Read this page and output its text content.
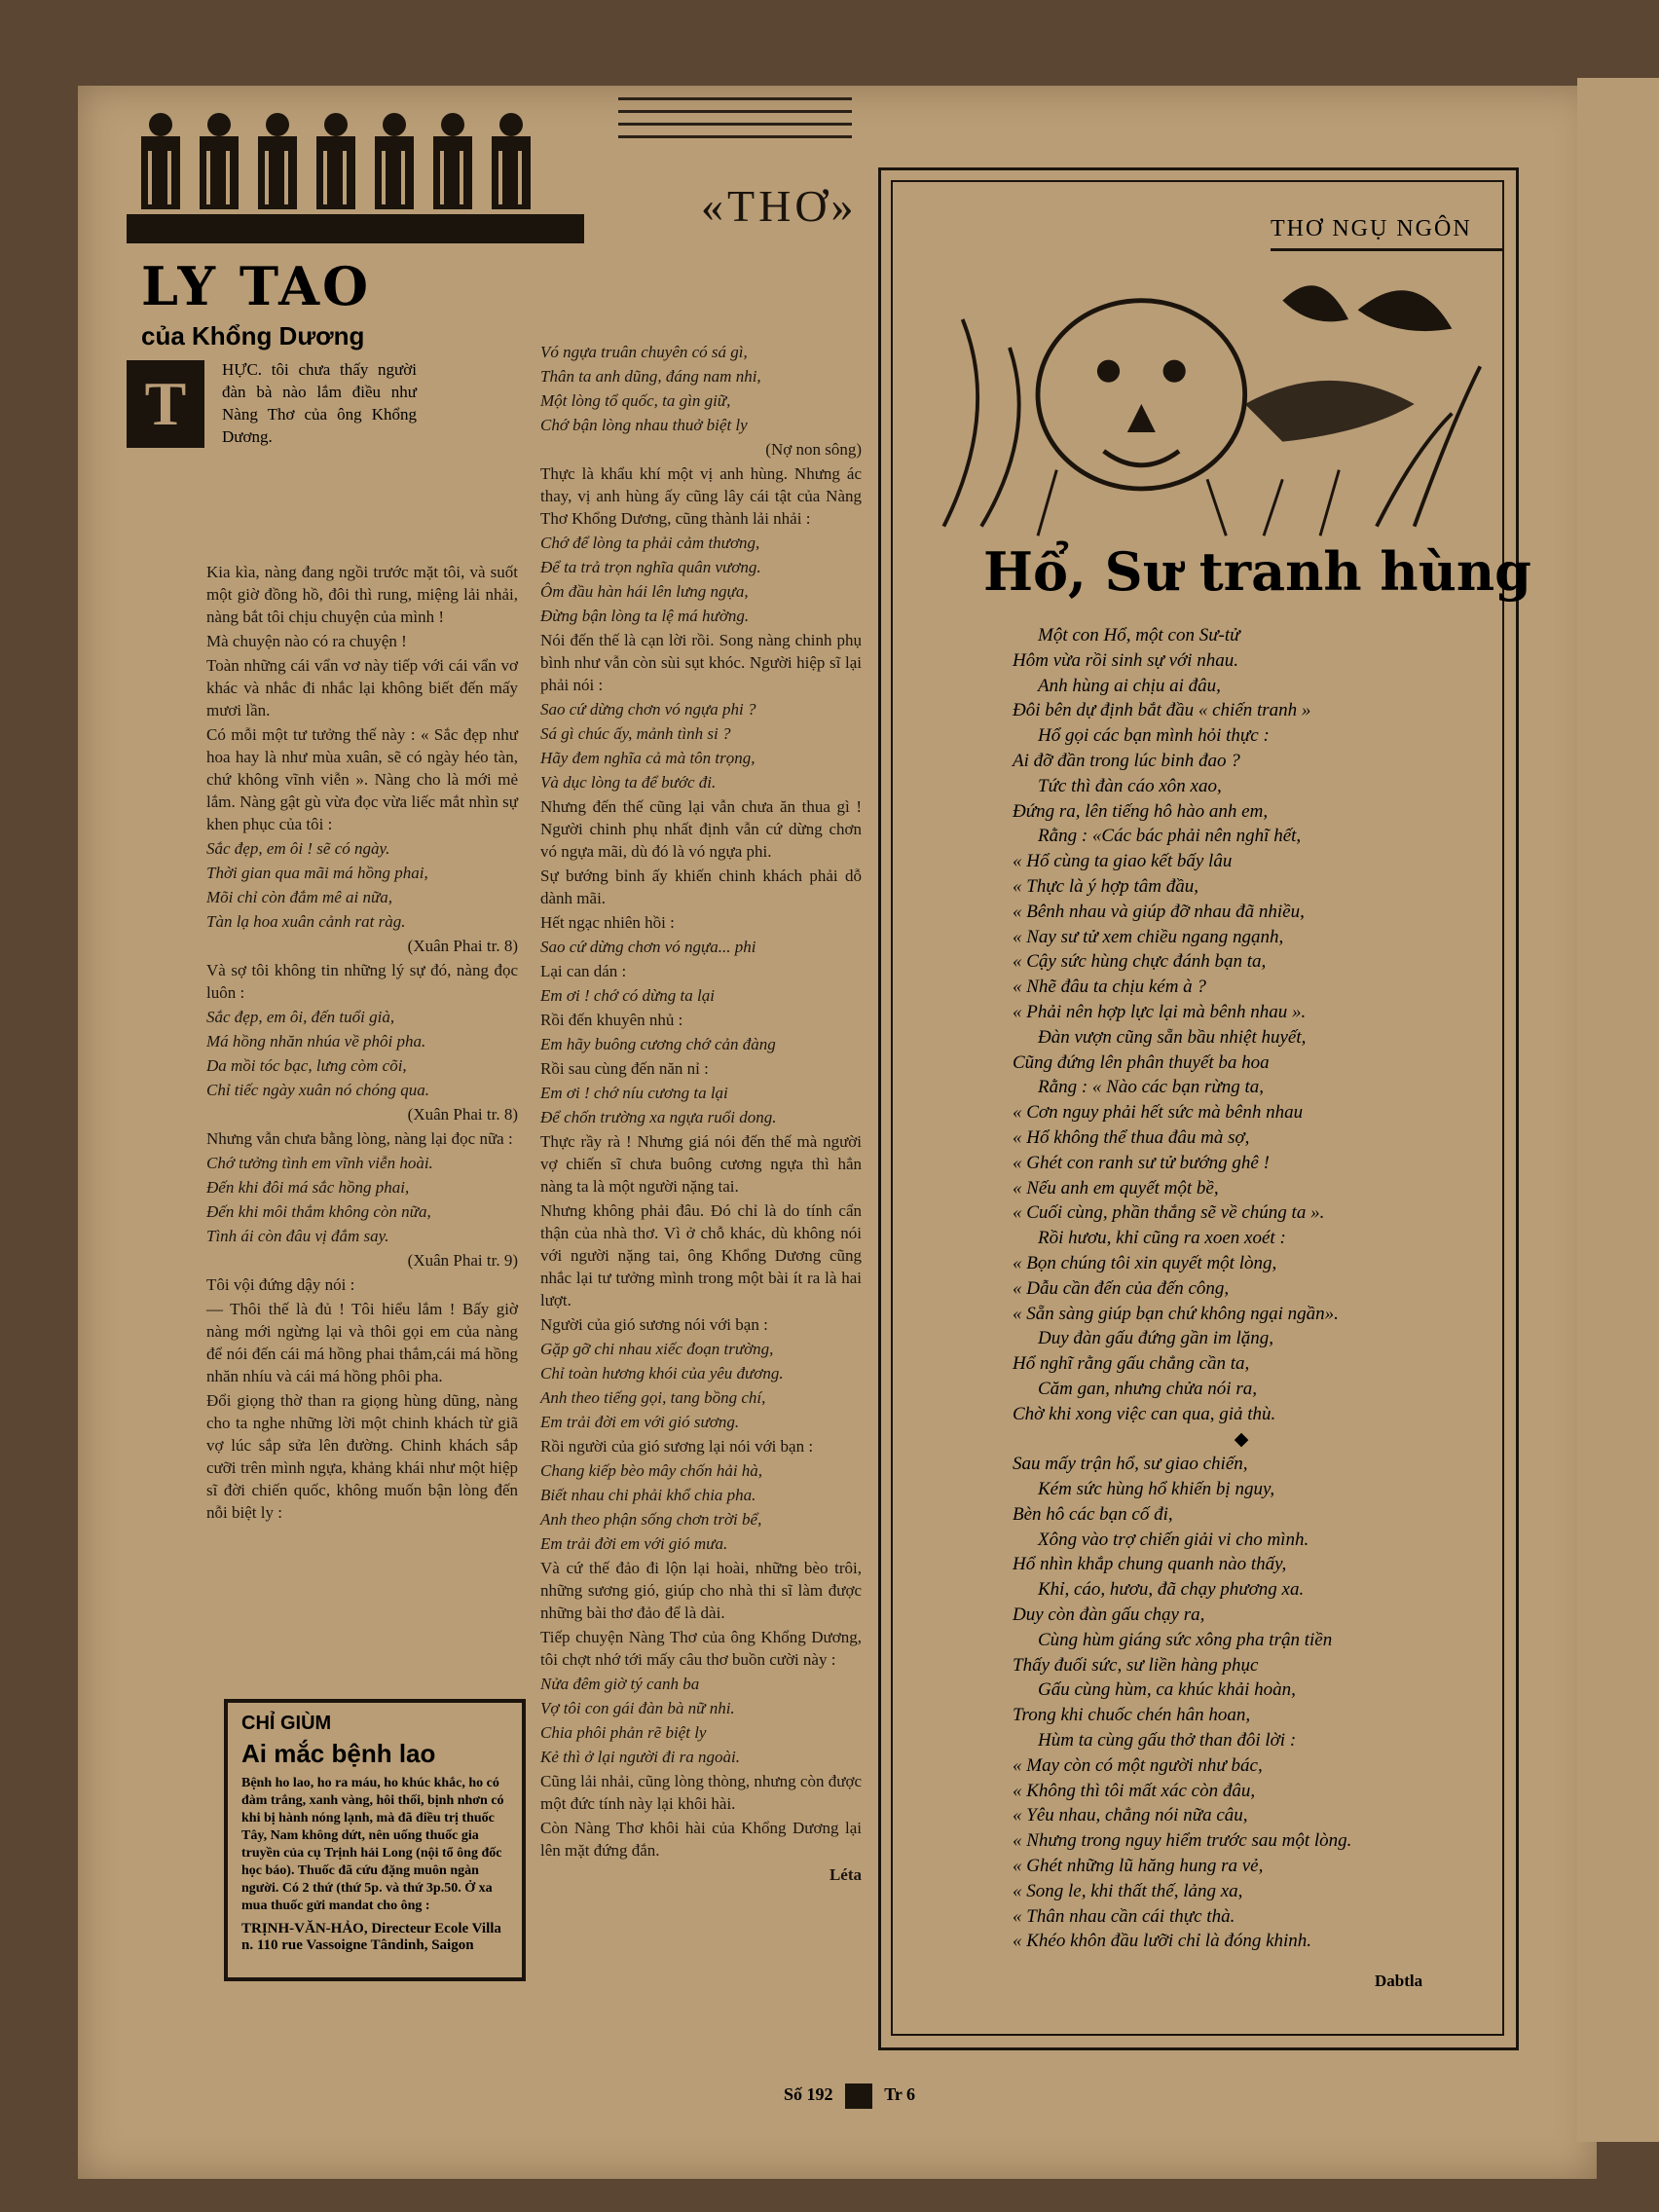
«THƠ»
LY TAO
của Khổng Dương
T	HỰC. tôi chưa thấy người đàn bà nào lắm điều như Nàng Thơ của ông Khổng Dương.

Kia kìa, nàng đang ngồi trước mặt tôi, và suốt một giờ đồng hồ, đôi thì rung, miệng lải nhải, nàng bắt tôi chịu chuyện của mình !

Mà chuyện nào có ra chuyện !

Toàn những cái vẩn vơ này tiếp với cái vẩn vơ khác và nhắc đi nhắc lại không biết đến mấy mươi lần.

Có mỗi một tư tưởng thế này : « Sắc đẹp như hoa hay là như mùa xuân, sẽ có ngày héo tàn, chứ không vĩnh viễn ». Nàng cho là mới mẻ lắm. Nàng gật gù vừa đọc vừa liếc mắt nhìn sự khen phục của tôi :

Sắc đẹp, em ôi ! sẽ có ngày.

Thời gian qua mãi má hồng phai,

Mõi chỉ còn đắm mê ai nữa,

Tàn lạ hoa xuân cảnh rat ràg.

(Xuân Phai tr. 8)

Và sợ tôi không tin những lý sự đó, nàng đọc luôn :

Sắc đẹp, em ôi, đến tuổi già,

Má hồng nhăn nhúa về phôi pha.

Da mồi tóc bạc, lưng còm cõi,

Chỉ tiếc ngày xuân nó chóng qua.

(Xuân Phai tr. 8)

Nhưng vẫn chưa bằng lòng, nàng lại đọc nữa :

Chớ tưởng tình em vĩnh viễn hoài.

Đến khi đôi má sắc hồng phai,

Đến khi môi thắm không còn nữa,

Tình ái còn đâu vị đắm say.

(Xuân Phai tr. 9)

Tôi vội đứng dậy nói :

— Thôi thế là đủ ! Tôi hiểu lắm ! Bấy giờ nàng mới ngừng lại và thôi gọi em của nàng để nói đến cái má hồng phai thắm,cái má hồng nhăn nhíu và cái má hồng phôi pha.

Đổi giọng thờ than ra giọng hùng dũng, nàng cho ta nghe những lời một chinh khách từ giã vợ lúc sắp sửa lên đường. Chinh khách sắp cưỡi trên mình ngựa, khảng khái như một hiệp sĩ đời chiến quốc, không muốn bận lòng đến nỗi biệt ly :

CHỈ GIÙM
Ai mắc bệnh lao
Bệnh ho lao, ho ra máu, ho khúc khắc, ho có đàm trắng, xanh vàng, hôi thối, bịnh nhơn có khi bị hành nóng lạnh, mà đã điều trị thuốc Tây, Nam không dứt, nên uống thuốc gia truyền của cụ Trịnh hải Long (nội tổ ông đốc học báo). Thuốc đã cứu đặng muôn ngàn người. Có 2 thứ (thứ 5p. và thứ 3p.50. Ở xa mua thuốc gửi mandat cho ông :
TRỊNH-VĂN-HẢO, Directeur Ecole Villa n. 110 rue Vassoigne Tândinh, Saigon

Vó ngựa truân chuyên có sá gì,

Thân ta anh dũng, đáng nam nhi,

Một lòng tổ quốc, ta gìn giữ,

Chớ bận lòng nhau thuở biệt ly

(Nợ non sông)

Thực là khẩu khí một vị anh hùng. Nhưng ác thay, vị anh hùng ấy cũng lây cái tật của Nàng Thơ Khổng Dương, cũng thành lải nhải :

Chớ để lòng ta phải cảm thương,

Để ta trả trọn nghĩa quân vương.

Ôm đầu hàn hái lên lưng ngựa,

Đừng bận lòng ta lệ má hường.

Nói đến thế là cạn lời rồi. Song nàng chinh phụ bình như vẫn còn sùi sụt khóc. Người hiệp sĩ lại phải nói :

Sao cứ dừng chơn vó ngựa phi ?

Sá gì chúc ấy, mảnh tình si ?

Hãy đem nghĩa cả mà tôn trọng,

Và dục lòng ta để bước đi.

Nhưng đến thế cũng lại vẫn chưa ăn thua gì ! Người chinh phụ nhất định vẫn cứ dừng chơn vó ngựa mãi, dù đó là vó ngựa phi.

Sự bướng bỉnh ấy khiến chinh khách phải dỗ dành mãi.

Hết ngạc nhiên hồi :

Sao cứ dừng chơn vó ngựa... phi

Lại can dán :

Em ơi ! chớ có dừng ta lại

Rồi đến khuyên nhủ :

Em hãy buông cương chớ cản đàng

Rồi sau cùng đến năn nỉ :

Em ơi ! chớ níu cương ta lại

Để chốn trường xa ngựa ruổi dong.

Thực rầy rà ! Nhưng giá nói đến thế mà người vợ chiến sĩ chưa buông cương ngựa thì hẳn nàng ta là một người nặng tai.

Nhưng không phải đâu. Đó chỉ là do tính cẩn thận của nhà thơ. Vì ở chỗ khác, dù không nói với người nặng tai, ông Khổng Dương cũng nhắc lại tư tưởng mình trong một bài ít ra là hai lượt.

Người của gió sương nói với bạn :

Gặp gỡ chi nhau xiếc đoạn trường,

Chỉ toàn hương khói của yêu đương.

Anh theo tiếng gọi, tang bồng chí,

Em trải đời em với gió sương.

Rồi người của gió sương lại nói với bạn :

Chang kiếp bèo mây chốn hải hà,

Biết nhau chi phải khổ chia pha.

Anh theo phận sống chơn trời bể,

Em trải đời em với gió mưa.

Và cứ thế đảo đi lộn lại hoài, những bèo trôi, những sương gió, giúp cho nhà thi sĩ làm được những bài thơ đảo để là dài.

Tiếp chuyện Nàng Thơ của ông Khổng Dương, tôi chợt nhớ tới mấy câu thơ buồn cười này :

Nửa đêm giờ tý canh ba

Vợ tôi con gái đàn bà nữ nhi.

Chia phôi phản rẽ biệt ly

Kẻ thì ở lại người đi ra ngoài.

Cũng lải nhải, cũng lòng thòng, nhưng còn được một đức tính này lại khôi hài.

Còn Nàng Thơ khôi hài của Khổng Dương lại lên mặt đứng đắn.

Léta

THƠ NGỤ NGÔN
Hổ, Sư tranh hùng

Một con Hổ, một con Sư-tử

Hôm vừa rồi sinh sự với nhau.

Anh hùng ai chịu ai đâu,

Đôi bên dự định bắt đầu « chiến tranh »

Hổ gọi các bạn mình hỏi thực :

Ai đỡ đần trong lúc binh đao ?

Tức thì đàn cáo xôn xao,

Đứng ra, lên tiếng hô hào anh em,

Rằng : «Các bác phải nên nghĩ hết,

« Hổ cùng ta giao kết bấy lâu

« Thực là ý hợp tâm đầu,

« Bênh nhau và giúp đỡ nhau đã nhiều,

« Nay sư tử xem chiều ngang ngạnh,

« Cậy sức hùng chực đánh bạn ta,

« Nhẽ đâu ta chịu kém à ?

« Phải nên hợp lực lại mà bênh nhau ».

Đàn vượn cũng sẵn bầu nhiệt huyết,

Cũng đứng lên phân thuyết ba hoa

Rằng : « Nào các bạn rừng ta,

« Cơn nguy phải hết sức mà bênh nhau

« Hổ không thể thua đâu mà sợ,

« Ghét con ranh sư tử bướng ghê !

« Nếu anh em quyết một bề,

« Cuối cùng, phần thắng sẽ về chúng ta ».

Rồi hươu, khỉ cũng ra xoen xoét :

« Bọn chúng tôi xin quyết một lòng,

« Dẫu cần đến của đến công,

« Sẵn sàng giúp bạn chứ không ngại ngần».

Duy đàn gấu đứng gần im lặng,

Hổ nghĩ rằng gấu chẳng cần ta,

Căm gan, nhưng chửa nói ra,

Chờ khi xong việc can qua, giả thù.

◆

Sau mấy trận hổ, sư giao chiến,

Kém sức hùng hổ khiến bị nguy,

Bèn hô các bạn cố đi,

Xông vào trợ chiến giải vi cho mình.

Hổ nhìn khắp chung quanh nào thấy,

Khỉ, cáo, hươu, đã chạy phương xa.

Duy còn đàn gấu chạy ra,

Cùng hùm giáng sức xông pha trận tiền

Thấy đuối sức, sư liền hàng phục

Gấu cùng hùm, ca khúc khải hoàn,

Trong khi chuốc chén hân hoan,

Hùm ta cùng gấu thở than đôi lời :

« May còn có một người như bác,

« Không thì tôi mất xác còn đâu,

« Yêu nhau, chẳng nói nữa câu,

« Nhưng trong nguy hiểm trước sau một lòng.

« Ghét những lũ hăng hung ra vẻ,

« Song le, khi thất thế, lảng xa,

« Thân nhau cần cái thực thà.

« Khéo khôn đầu lưỡi chỉ là đóng khinh.

Dabtla
Số 192	Tr 6
